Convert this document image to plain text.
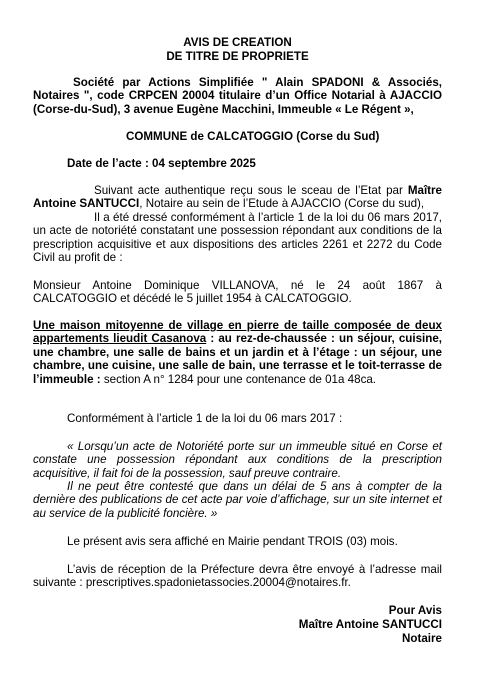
AVIS DE CREATION

DE TITRE DE PROPRIETE

Société par Actions Simplifiée " Alain SPADONI & Associés, Notaires ", code CRPCEN 20004 titulaire d’un Office Notarial à AJACCIO (Corse-du-Sud), 3 avenue Eugène Macchini, Immeuble « Le Régent »,

COMMUNE de CALCATOGGIO (Corse du Sud)

Date de l’acte : 04 septembre 2025

Suivant acte authentique reçu sous le sceau de l’Etat par Maître Antoine SANTUCCI, Notaire au sein de l’Etude à AJACCIO (Corse du sud),

Il a été dressé conformément à l’article 1 de la loi du 06 mars 2017, un acte de notoriété constatant une possession répondant aux conditions de la prescription acquisitive et aux dispositions des articles 2261 et 2272 du Code Civil au profit de :

Monsieur Antoine Dominique VILLANOVA, né le 24 août 1867 à CALCATOGGIO et décédé le 5 juillet 1954 à CALCATOGGIO.

Une maison mitoyenne de village en pierre de taille composée de deux appartements lieudit Casanova : au rez-de-chaussée : un séjour, cuisine, une chambre, une salle de bains et un jardin et à l’étage : un séjour, une chambre, une cuisine, une salle de bain, une terrasse et le toit-terrasse de l’immeuble : section A n° 1284 pour une contenance de 01a 48ca.

Conformément à l’article 1 de la loi du 06 mars 2017 :

« Lorsqu’un acte de Notoriété porte sur un immeuble situé en Corse et constate une possession répondant aux conditions de la prescription acquisitive, il fait foi de la possession, sauf preuve contraire.

Il ne peut être contesté que dans un délai de 5 ans à compter de la dernière des publications de cet acte par voie d’affichage, sur un site internet et au service de la publicité foncière. »

Le présent avis sera affiché en Mairie pendant TROIS (03) mois.

L’avis de réception de la Préfecture devra être envoyé à l’adresse mail suivante : prescriptives.spadonietassocies.20004@notaires.fr.

Pour Avis

Maître Antoine SANTUCCI

Notaire
